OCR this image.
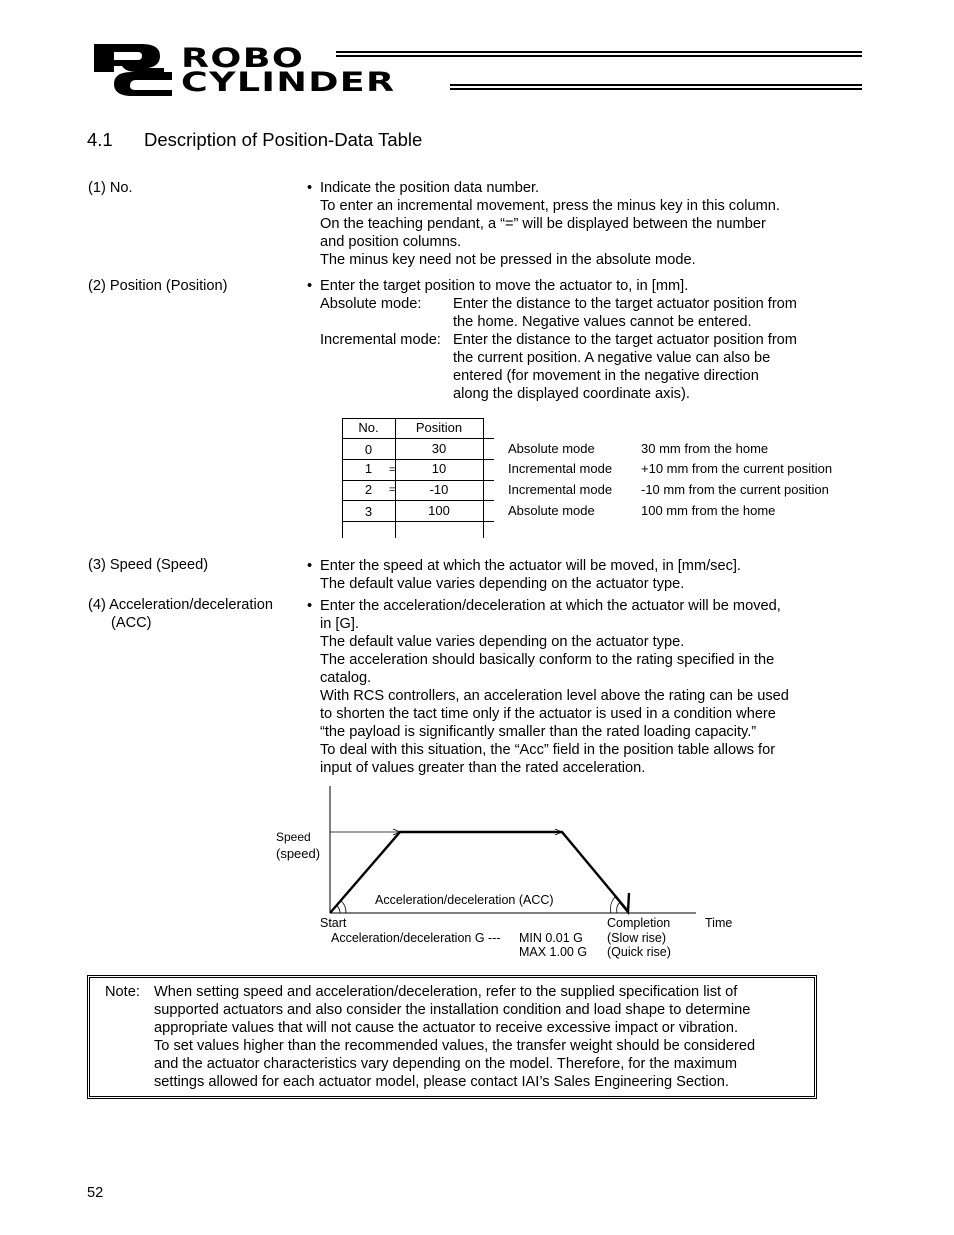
ROBO
CYLINDER
4.1 Description of Position-Data Table
(1) No.	• Indicate the position data number.
To enter an incremental movement, press the minus key in this column.
On the teaching pendant, a “=” will be displayed between the number
and position columns.
The minus key need not be pressed in the absolute mode.
(2) Position (Position)	• Enter the target position to move the actuator to, in [mm].
Absolute mode: Enter the distance to the target actuator position from
the home. Negative values cannot be entered.
Incremental mode: Enter the distance to the target actuator position from
the current position. A negative value can also be
entered (for movement in the negative direction
along the displayed coordinate axis).
No.	Position
0	30	Absolute mode	30 mm from the home
1	=	10	Incremental mode +10 mm from the current position
2	=	-10	Incremental mode -10 mm from the current position
3	100	Absolute mode	100 mm from the home
(3) Speed (Speed)	• Enter the speed at which the actuator will be moved, in [mm/sec].
The default value varies depending on the actuator type.
(4) Acceleration/deceleration
(ACC)
• Enter the acceleration/deceleration at which the actuator will be moved,
in [G].
The default value varies depending on the actuator type.
The acceleration should basically conform to the rating specified in the
catalog.
With RCS controllers, an acceleration level above the rating can be used
to shorten the tact time only if the actuator is used in a condition where
“the payload is significantly smaller than the rated loading capacity.”
To deal with this situation, the “Acc” field in the position table allows for
input of values greater than the rated acceleration.
Speed
(speed)
Acceleration/deceleration (ACC)
Start	Completion	Time
Acceleration/deceleration G --- MIN 0.01 G
MAX 1.00 G
(Slow rise)
(Quick rise)
Note: When setting speed and acceleration/deceleration, refer to the supplied specification list of
supported actuators and also consider the installation condition and load shape to determine
appropriate values that will not cause the actuator to receive excessive impact or vibration.
To set values higher than the recommended values, the transfer weight should be considered
and the actuator characteristics vary depending on the model. Therefore, for the maximum
settings allowed for each actuator model, please contact IAI’s Sales Engineering Section.
52
